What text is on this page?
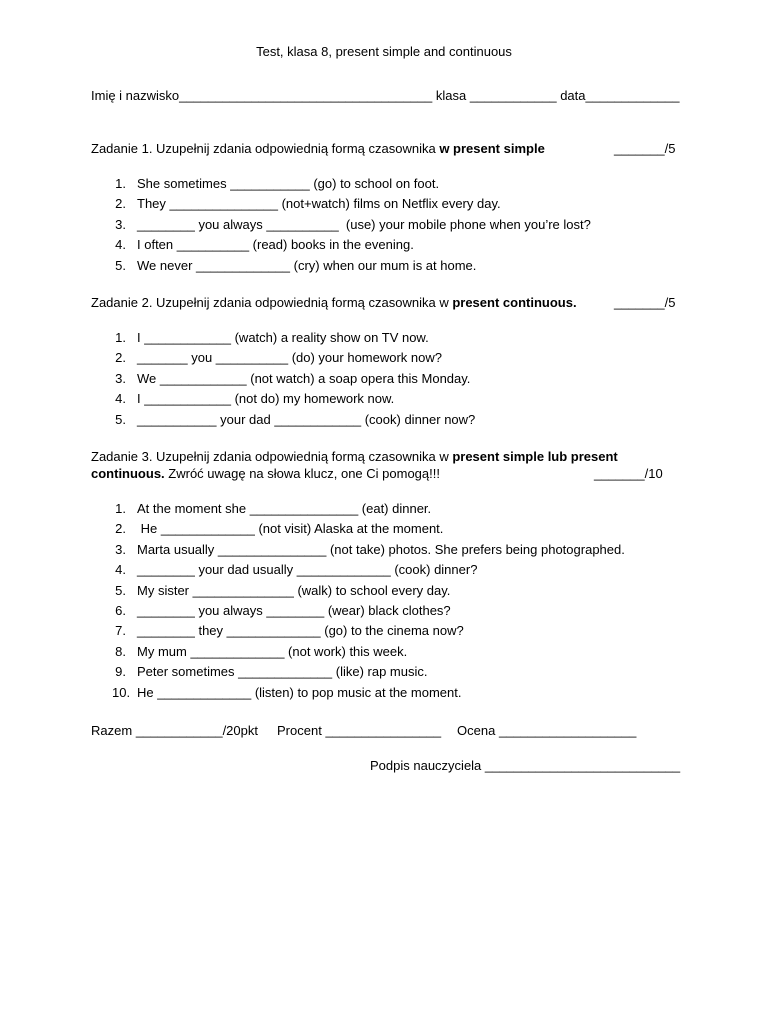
Test, klasa 8, present simple and continuous
Imię i nazwisko___________________________________ klasa ____________ data_____________
Zadanie 1. Uzupełnij zdania odpowiednią formą czasownika w present simple	_______/5
1. She sometimes ___________ (go) to school on foot.
2. They _______________ (not+watch) films on Netflix every day.
3. ________ you always __________  (use) your mobile phone when you’re lost?
4. I often __________ (read) books in the evening.
5. We never _____________ (cry) when our mum is at home.
Zadanie 2. Uzupełnij zdania odpowiednią formą czasownika w present continuous.	_______/5
1. I ____________ (watch) a reality show on TV now.
2. _______ you __________ (do) your homework now?
3. We ____________ (not watch) a soap opera this Monday.
4. I ____________ (not do) my homework now.
5. ___________ your dad ____________ (cook) dinner now?
Zadanie 3. Uzupełnij zdania odpowiednią formą czasownika w present simple lub present
continuous. Zwróć uwagę na słowa klucz, one Ci pomogą!!!	_______/10
1. At the moment she _______________ (eat) dinner.
2. He _____________ (not visit) Alaska at the moment.
3. Marta usually _______________ (not take) photos. She prefers being photographed.
4. ________ your dad usually _____________ (cook) dinner?
5. My sister ______________ (walk) to school every day.
6. ________ you always ________ (wear) black clothes?
7. ________ they _____________ (go) to the cinema now?
8. My mum _____________ (not work) this week.
9. Peter sometimes _____________ (like) rap music.
10. He _____________ (listen) to pop music at the moment.
Razem ____________/20pkt Procent ________________ Ocena ___________________
Podpis nauczyciela ___________________________
